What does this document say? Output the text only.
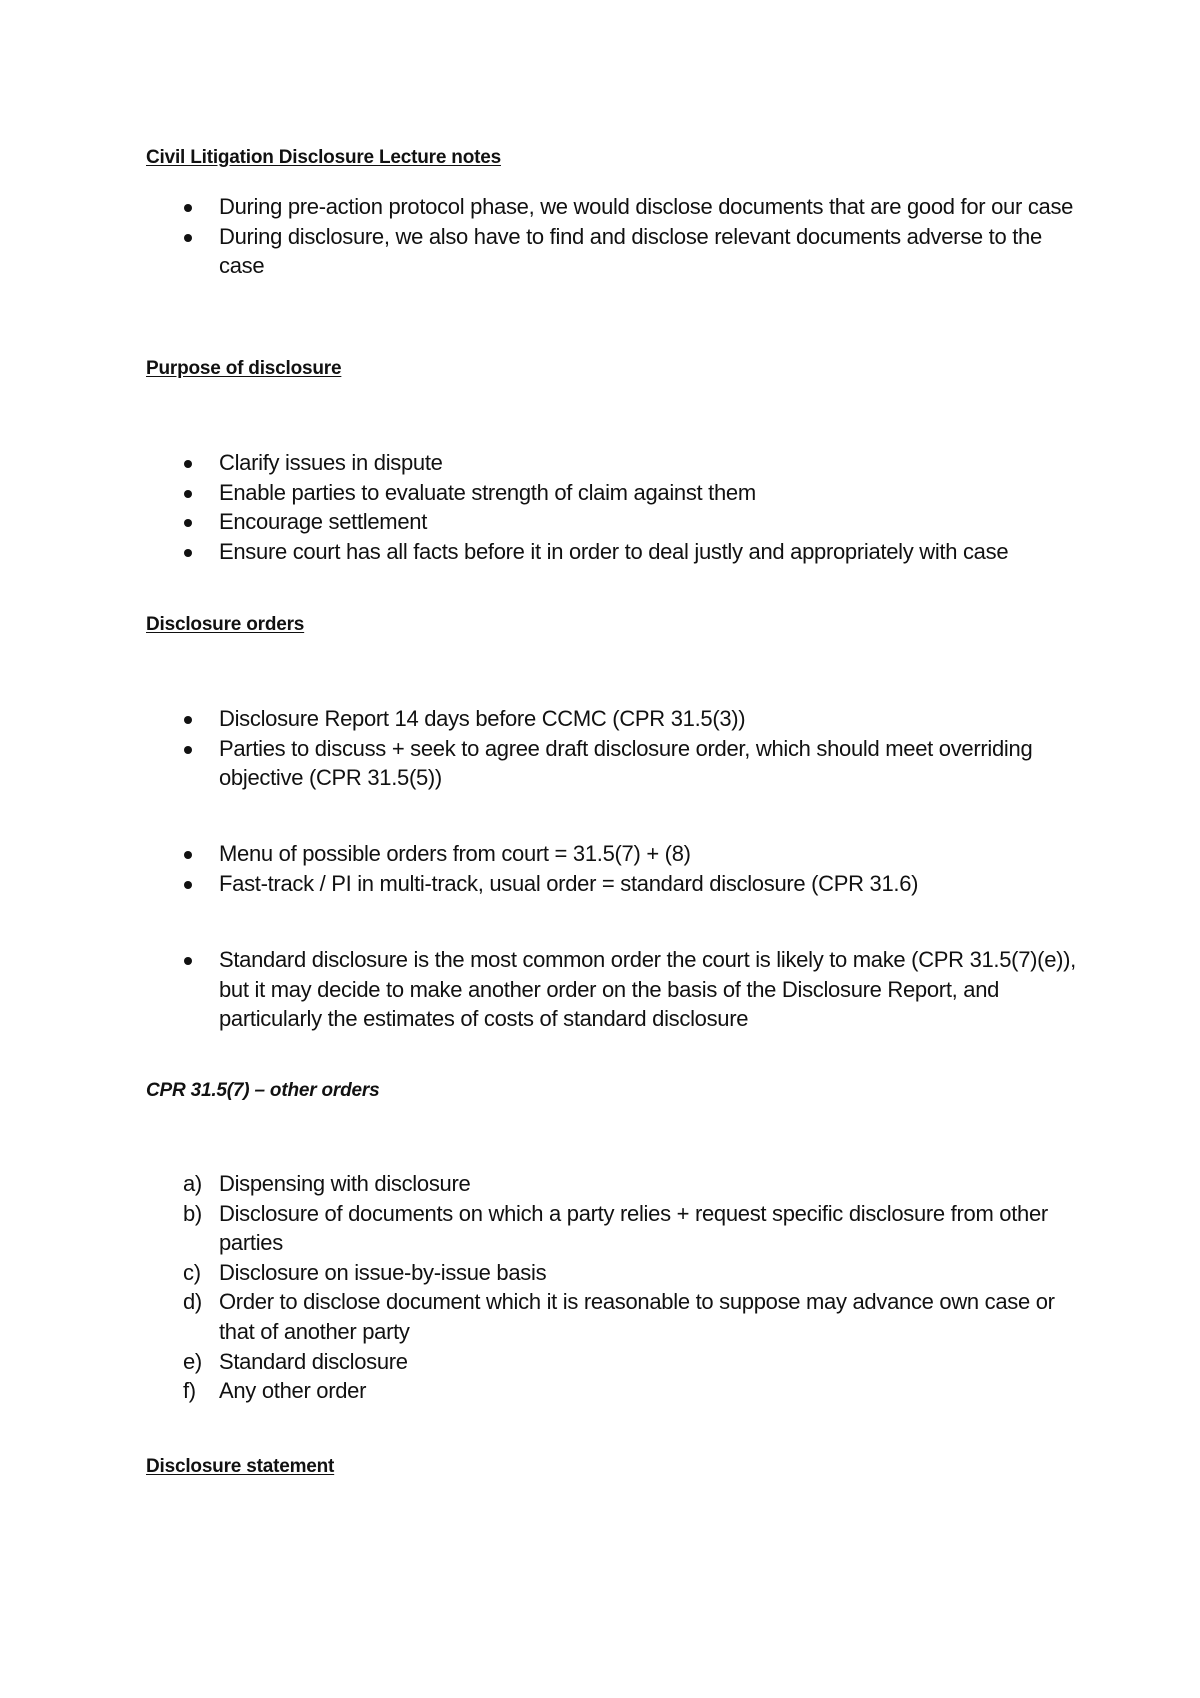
Civil Litigation Disclosure Lecture notes
During pre-action protocol phase, we would disclose documents that are good for our case
During disclosure, we also have to find and disclose relevant documents adverse to the case
Purpose of disclosure
Clarify issues in dispute
Enable parties to evaluate strength of claim against them
Encourage settlement
Ensure court has all facts before it in order to deal justly and appropriately with case
Disclosure orders
Disclosure Report 14 days before CCMC (CPR 31.5(3))
Parties to discuss + seek to agree draft disclosure order, which should meet overriding objective (CPR 31.5(5))
Menu of possible orders from court = 31.5(7) + (8)
Fast-track / PI in multi-track, usual order = standard disclosure (CPR 31.6)
Standard disclosure is the most common order the court is likely to make (CPR 31.5(7)(e)), but it may decide to make another order on the basis of the Disclosure Report, and particularly the estimates of costs of standard disclosure
CPR 31.5(7) – other orders
a) Dispensing with disclosure
b) Disclosure of documents on which a party relies + request specific disclosure from other parties
c) Disclosure on issue-by-issue basis
d) Order to disclose document which it is reasonable to suppose may advance own case or that of another party
e) Standard disclosure
f) Any other order
Disclosure statement
